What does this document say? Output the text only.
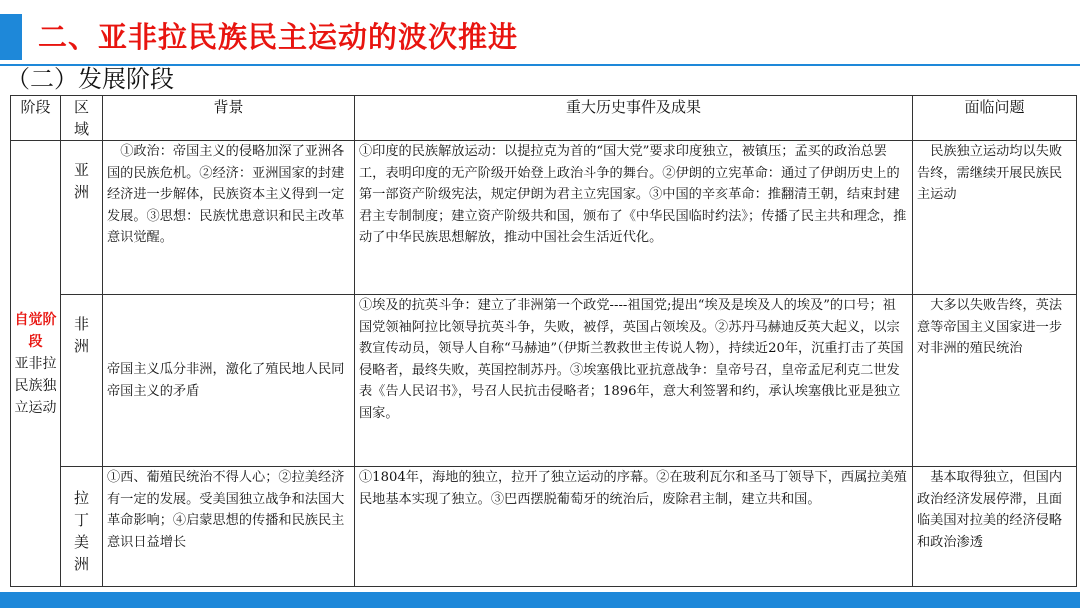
二、亚非拉民族民主运动的波次推进
（二）发展阶段
阶段	区域	背景	重大历史事件及成果	面临问题

自觉阶段
亚非拉民族独立运动	亚洲	①政治：帝国主义的侵略加深了亚洲各国的民族危机。②经济：亚洲国家的封建经济进一步解体，民族资本主义得到一定发展。③思想：民族忧患意识和民主改革意识觉醒。	①印度的民族解放运动：以提拉克为首的“国大党”要求印度独立，被镇压；孟买的政治总罢工，表明印度的无产阶级开始登上政治斗争的舞台。②伊朗的立宪革命：通过了伊朗历史上的第一部资产阶级宪法，规定伊朗为君主立宪国家。③中国的辛亥革命：推翻清王朝，结束封建君主专制制度；建立资产阶级共和国，颁布了《中华民国临时约法》；传播了民主共和理念，推动了中华民族思想解放，推动中国社会生活近代化。	民族独立运动均以失败告终，需继续开展民族民主运动
	非洲	帝国主义瓜分非洲，激化了殖民地人民同帝国主义的矛盾	①埃及的抗英斗争：建立了非洲第一个政党----祖国党;提出“埃及是埃及人的埃及”的口号；祖国党领袖阿拉比领导抗英斗争，失败，被俘，英国占领埃及。②苏丹马赫迪反英大起义，以宗教宣传动员，领导人自称“马赫迪”（伊斯兰教救世主传说人物），持续近20年，沉重打击了英国侵略者，最终失败，英国控制苏丹。③埃塞俄比亚抗意战争：皇帝号召，皇帝孟尼利克二世发表《告人民诏书》，号召人民抗击侵略者；1896年，意大利签署和约，承认埃塞俄比亚是独立国家。	大多以失败告终，英法意等帝国主义国家进一步对非洲的殖民统治
	拉丁美洲	①西、葡殖民统治不得人心；②拉美经济有一定的发展。受美国独立战争和法国大革命影响；④启蒙思想的传播和民族民主意识日益增长	①1804年，海地的独立，拉开了独立运动的序幕。②在玻利瓦尔和圣马丁领导下，西属拉美殖民地基本实现了独立。③巴西摆脱葡萄牙的统治后，废除君主制，建立共和国。	基本取得独立，但国内政治经济发展停滞，且面临美国对拉美的经济侵略和政治渗透
